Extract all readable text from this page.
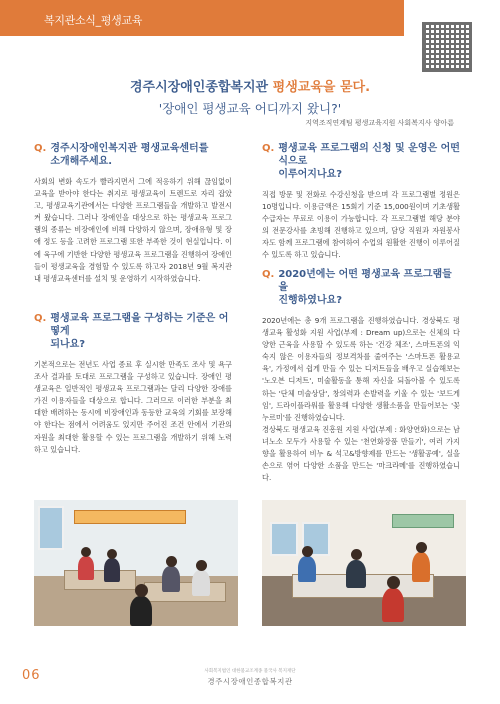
복지관소식_평생교육
경주시장애인종합복지관 평생교육을 묻다.
'장애인 평생교육 어디까지 왔니?'
지역조직연계팀 평생교육지원 사회복지사 양아름
Q. 경주시장애인복지관 평생교육센터를
소개해주세요.
사회의 변화 속도가 빨라지면서 그에 적응하기 위해 끊임없이 교육을 받아야 한다는 취지로 평생교육이 트렌드로 자리 잡았고, 평생교육기관에서는 다양한 프로그램들을 개발하고 발전시켜 왔습니다. 그러나 장애인을 대상으로 하는 평생교육 프로그램의 종류는 비장애인에 비해 다양하지 않으며, 장애유형 및 장애 정도 등을 고려한 프로그램 또한 부족한 것이 현실입니다. 이에 육구에 기반한 다양한 평생교육 프로그램을 진행하여 장애인들이 평생교육을 경험할 수 있도록 하고자 2018년 9월 복지관 내 평생교육센터를 설치 및 운영하기 시작하였습니다.
Q. 평생교육 프로그램을 구성하는 기준은 어떻게
되나요?
기본적으로는 전년도 사업 종료 후 실시한 만족도 조사 및 욕구조사 결과를 토대로 프로그램을 구성하고 있습니다. 장애인 평생교육은 일반적인 평생교육 프로그램과는 달리 다양한 장애를 가진 이용자들을 대상으로 합니다. 그러므로 이러한 부분을 최대한 배려하는 동시에 비장애인과 동등한 교육의 기회를 보장해야 한다는 점에서 어려움도 있지만 주어진 조건 안에서 기관의 자원을 최대한 활용할 수 있는 프로그램을 개발하기 위해 노력하고 있습니다.
Q. 평생교육 프로그램의 신청 및 운영은 어떤 식으로
이루어지나요?
직접 방문 및 전화로 수강신청을 받으며 각 프로그램별 정원은 10명입니다. 이용금액은 15회기 기준 15,000원이며 기초생활수급자는 무료로 이용이 가능합니다. 각 프로그램별 해당 분야의 전문강사를 초빙해 진행하고 있으며, 담당 직원과 자원봉사자도 함께 프로그램에 참여하여 수업의 원활한 진행이 이루어질 수 있도록 하고 있습니다.
Q. 2020년에는 어떤 평생교육 프로그램들을
진행하였나요?
2020년에는 총 9개 프로그램을 진행하였습니다. 경상북도 평생교육 활성화 지원 사업(부제 : Dream up)으로는 신체의 다양한 근육을 사용할 수 있도록 하는 '건강 체조', 스마트폰의 익숙지 않은 이용자들의 정보격차를 줄여주는 '스마트폰 활용교육', 가정에서 쉽게 만들 수 있는 디저트들을 배우고 실습해보는 '노오븐 디저트', 미술활동을 통해 자신을 되돌아볼 수 있도록 하는 '단체 미술상담', 창의력과 손발력을 키울 수 있는 '보드게임', 드라이플라워를 활용해 다양한 생활소품을 만들어보는 '꽃누르미'를 진행하였습니다.
경상북도 평생교육 진흥원 지원 사업(부제 : 화양연화)으로는 남녀노소 모두가 사용할 수 있는 '천연화장품 만들기', 여러 가지 향을 활용하여 비누 & 석고&방향제를 만드는 '생활공예', 실을 손으로 엮어 다양한 소품을 만드는 '마크라메'를 진행하였습니다.
06	사회복지법인 대한불교조계종 불국사 복지재단
경주시장애인종합복지관
